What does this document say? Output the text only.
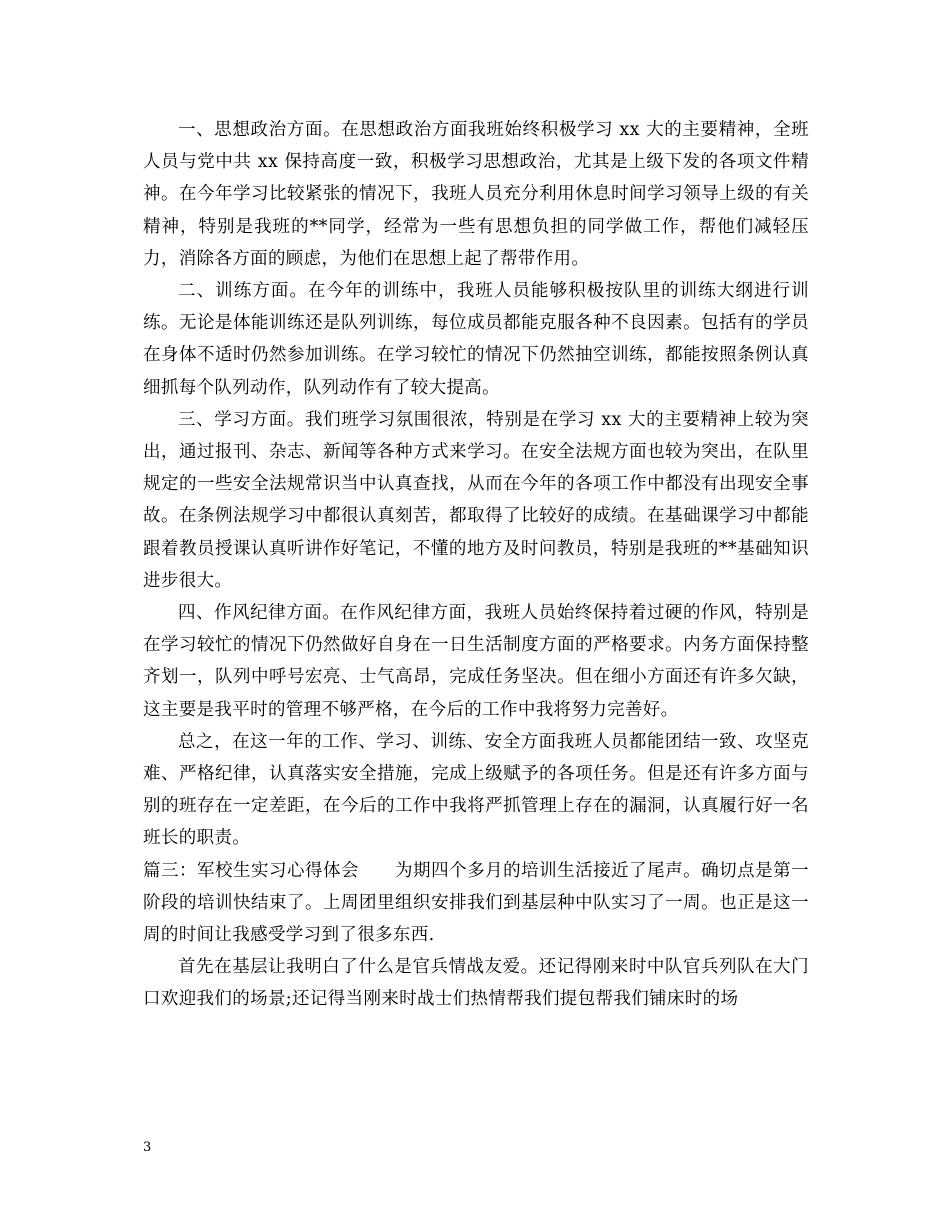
一、思想政治方面。在思想政治方面我班始终积极学习 xx 大的主要精神，全班人员与党中共 xx 保持高度一致，积极学习思想政治，尤其是上级下发的各项文件精神。在今年学习比较紧张的情况下，我班人员充分利用休息时间学习领导上级的有关精神，特别是我班的**同学，经常为一些有思想负担的同学做工作，帮他们减轻压力，消除各方面的顾虑，为他们在思想上起了帮带作用。

二、训练方面。在今年的训练中，我班人员能够积极按队里的训练大纲进行训练。无论是体能训练还是队列训练，每位成员都能克服各种不良因素。包括有的学员在身体不适时仍然参加训练。在学习较忙的情况下仍然抽空训练，都能按照条例认真细抓每个队列动作，队列动作有了较大提高。

三、学习方面。我们班学习氛围很浓，特别是在学习 xx 大的主要精神上较为突出，通过报刊、杂志、新闻等各种方式来学习。在安全法规方面也较为突出，在队里规定的一些安全法规常识当中认真查找，从而在今年的各项工作中都没有出现安全事故。在条例法规学习中都很认真刻苦，都取得了比较好的成绩。在基础课学习中都能跟着教员授课认真听讲作好笔记，不懂的地方及时问教员，特别是我班的**基础知识进步很大。

四、作风纪律方面。在作风纪律方面，我班人员始终保持着过硬的作风，特别是在学习较忙的情况下仍然做好自身在一日生活制度方面的严格要求。内务方面保持整齐划一，队列中呼号宏亮、士气高昂，完成任务坚决。但在细小方面还有许多欠缺，这主要是我平时的管理不够严格，在今后的工作中我将努力完善好。

总之，在这一年的工作、学习、训练、安全方面我班人员都能团结一致、攻坚克难、严格纪律，认真落实安全措施，完成上级赋予的各项任务。但是还有许多方面与别的班存在一定差距，在今后的工作中我将严抓管理上存在的漏洞，认真履行好一名班长的职责。

篇三：军校生实习心得体会　　为期四个多月的培训生活接近了尾声。确切点是第一阶段的培训快结束了。上周团里组织安排我们到基层种中队实习了一周。也正是这一周的时间让我感受学习到了很多东西.

首先在基层让我明白了什么是官兵情战友爱。还记得刚来时中队官兵列队在大门口欢迎我们的场景;还记得当刚来时战士们热情帮我们提包帮我们铺床时的场

3
